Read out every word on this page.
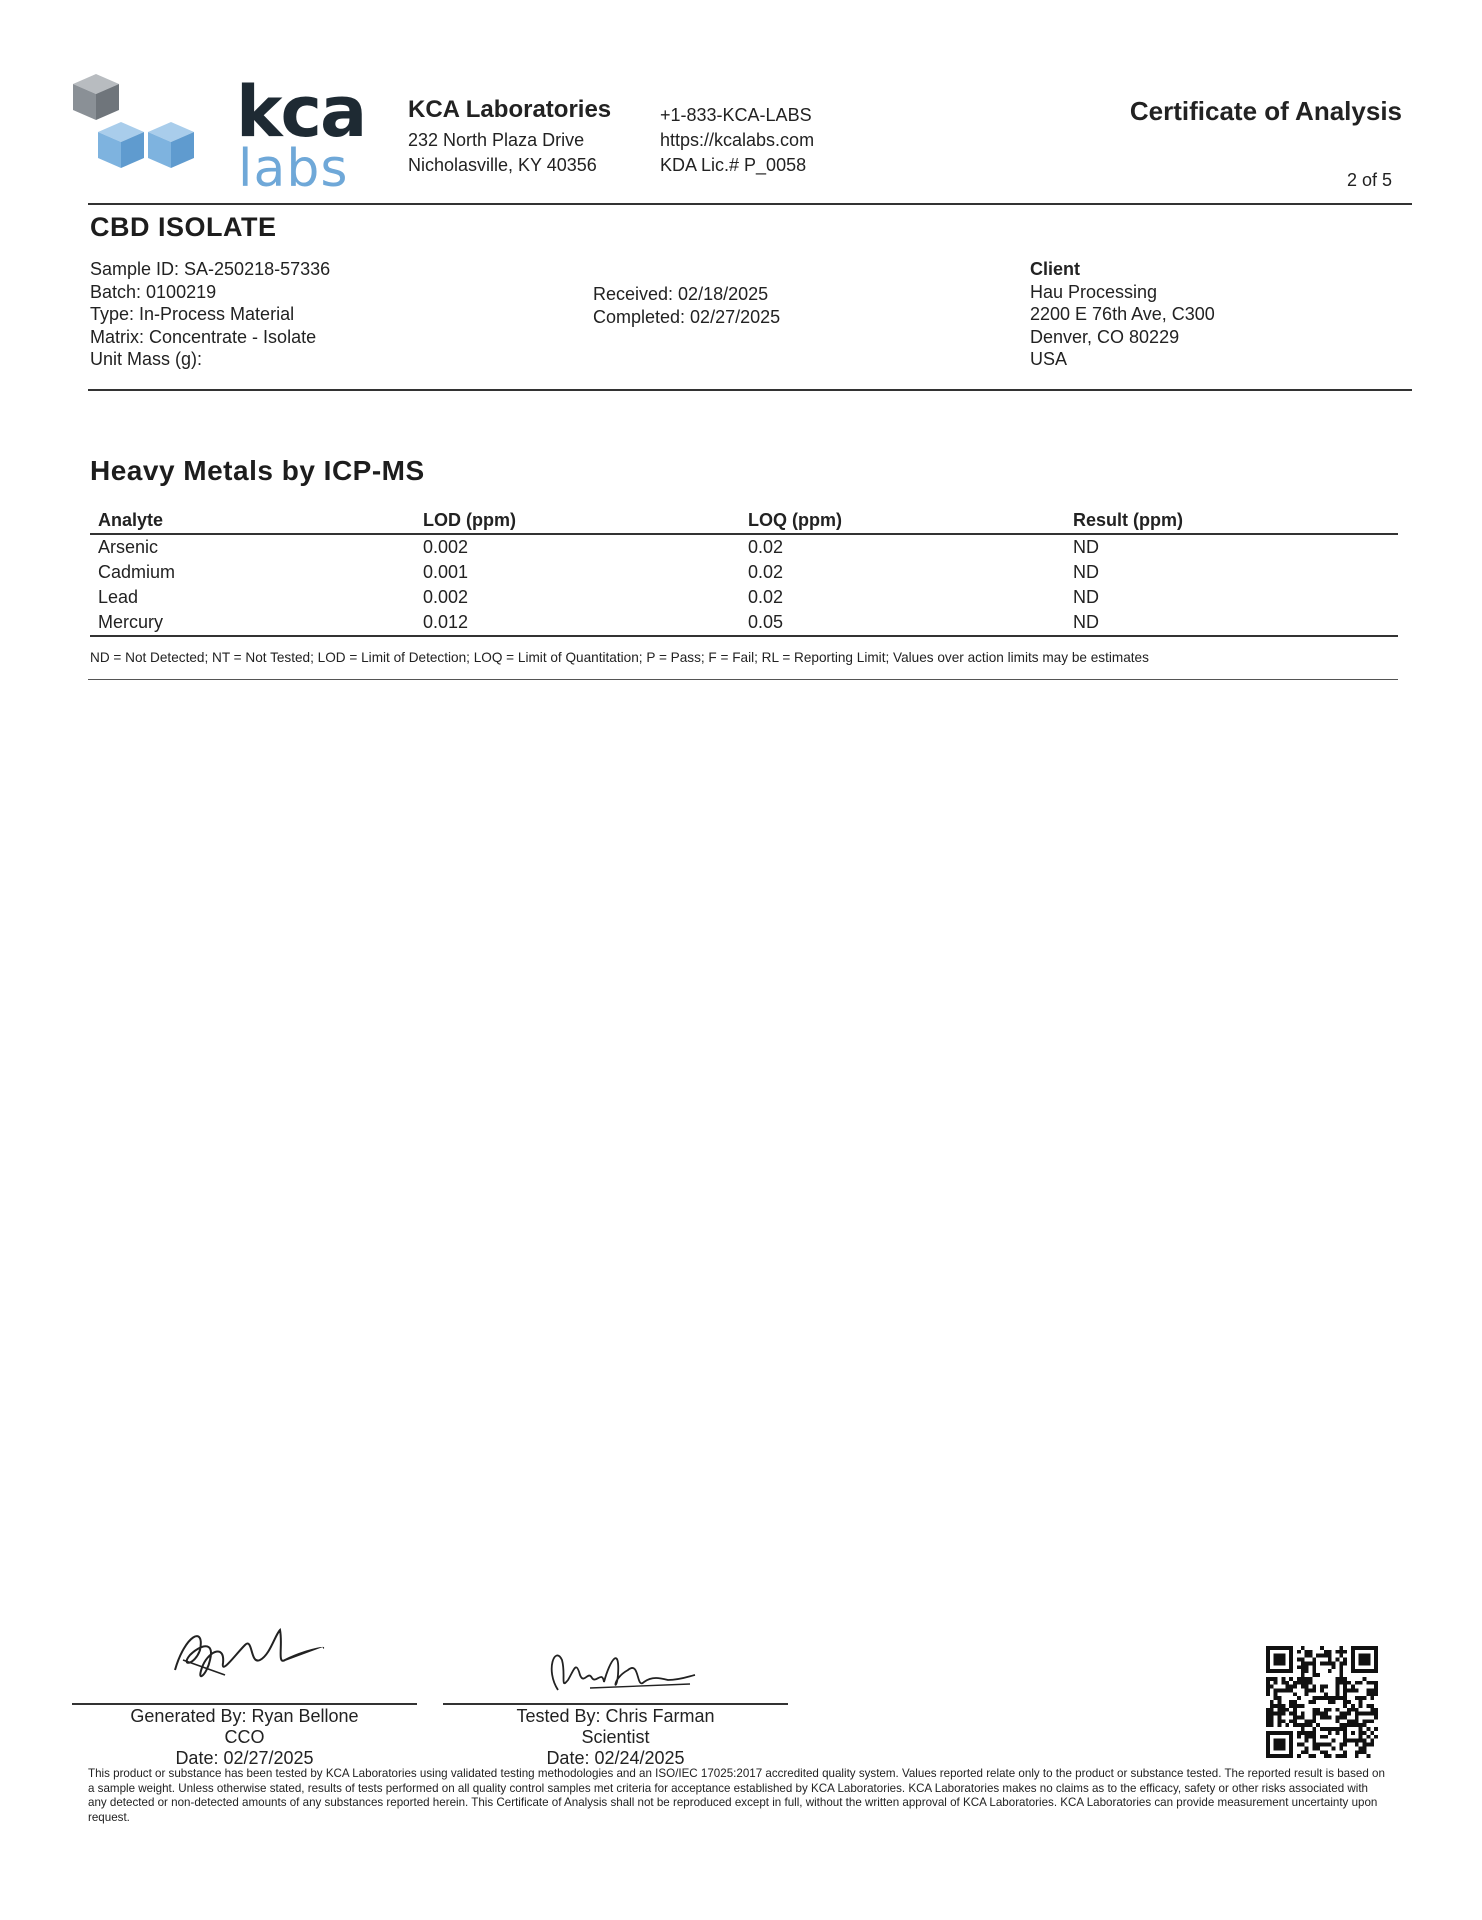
kca
labs
KCA Laboratories
232 North Plaza Drive
Nicholasville, KY 40356
+1-833-KCA-LABS
https://kcalabs.com
KDA Lic.# P_0058
Certificate of Analysis
2 of 5
CBD ISOLATE
Sample ID: SA-250218-57336
Batch: 0100219
Type: In-Process Material
Matrix: Concentrate - Isolate
Unit Mass (g):
Received: 02/18/2025
Completed: 02/27/2025
Client
Hau Processing
2200 E 76th Ave, C300
Denver, CO 80229
USA
Heavy Metals by ICP-MS
Analyte	LOD (ppm)	LOQ (ppm)	Result (ppm)
Arsenic	0.002	0.02	ND
Cadmium	0.001	0.02	ND
Lead	0.002	0.02	ND
Mercury	0.012	0.05	ND
ND = Not Detected; NT = Not Tested; LOD = Limit of Detection; LOQ = Limit of Quantitation; P = Pass; F = Fail; RL = Reporting Limit; Values over action limits may be estimates
Generated By: Ryan Bellone
CCO
Date: 02/27/2025
Tested By: Chris Farman
Scientist
Date: 02/24/2025
This product or substance has been tested by KCA Laboratories using validated testing methodologies and an ISO/IEC 17025:2017 accredited quality system. Values reported relate only to the product or substance tested. The reported result is based on a sample weight. Unless otherwise stated, results of tests performed on all quality control samples met criteria for acceptance established by KCA Laboratories. KCA Laboratories makes no claims as to the efficacy, safety or other risks associated with any detected or non-detected amounts of any substances reported herein. This Certificate of Analysis shall not be reproduced except in full, without the written approval of KCA Laboratories. KCA Laboratories can provide measurement uncertainty upon request.
